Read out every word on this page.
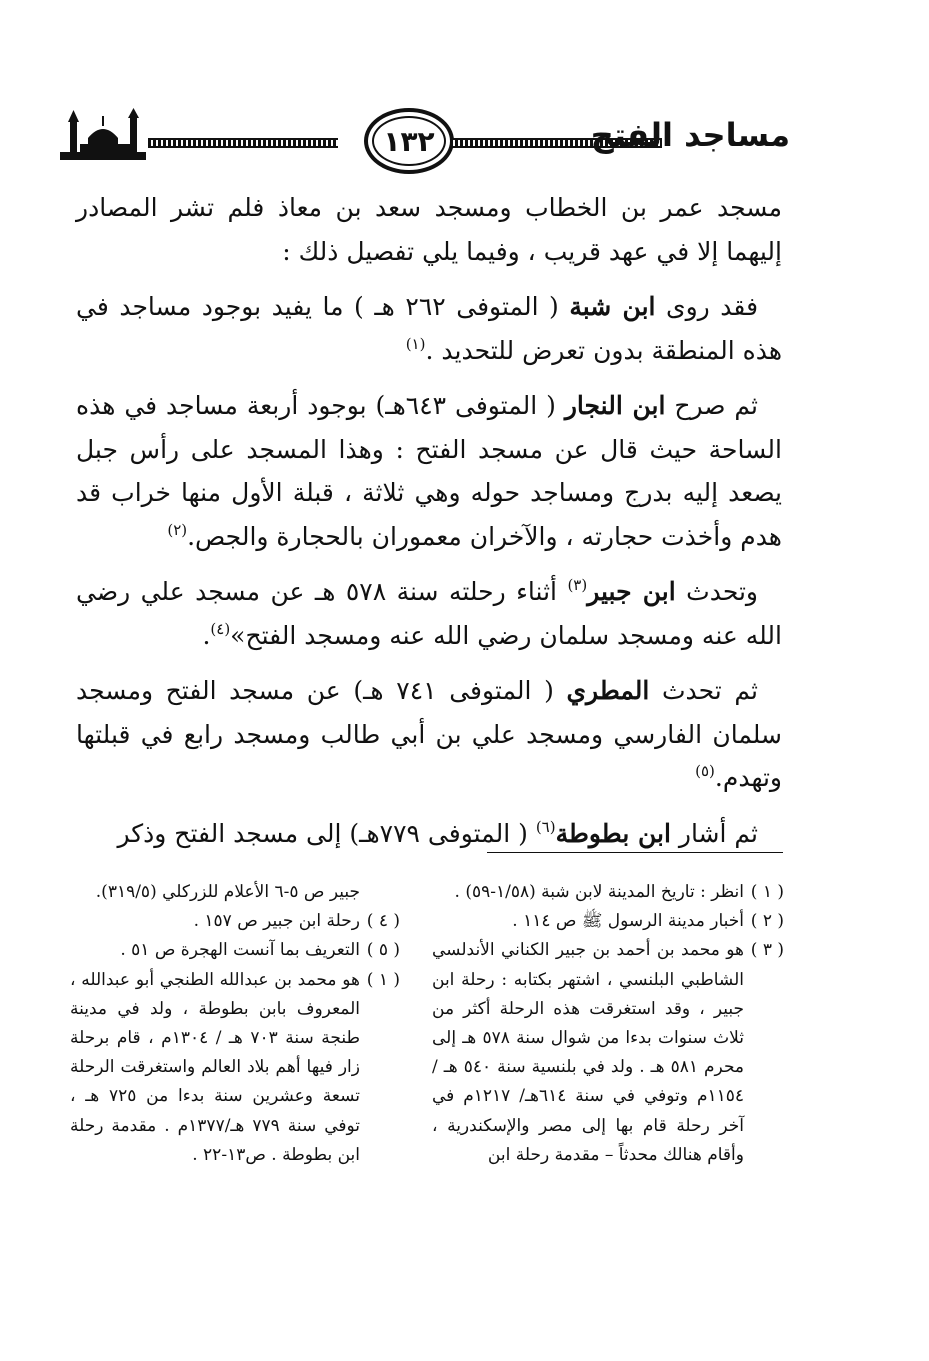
١٣٢	مساجد الفتح

مسجد عمر بن الخطاب ومسجد سعد بن معاذ فلم تشر المصادر إليهما إلا في عهد قريب ، وفيما يلي تفصيل ذلك :

فقد روى ابن شبة ( المتوفى ٢٦٢ هـ ) ما يفيد بوجود مساجد في هذه المنطقة بدون تعرض للتحديد .$^{(١)}$

ثم صرح ابن النجار ( المتوفى ٦٤٣هـ) بوجود أربعة مساجد في هذه الساحة حيث قال عن مسجد الفتح : وهذا المسجد على رأس جبل يصعد إليه بدرج ومساجد حوله وهي ثلاثة ، قبلة الأول منها خراب قد هدم وأخذت حجارته ، والآخران معموران بالحجارة والجص.$^{(٢)}$

وتحدث ابن جبير$^{(٣)}$ أثناء رحلته سنة ٥٧٨ هـ عن مسجد علي رضي الله عنه ومسجد سلمان رضي الله عنه ومسجد الفتح»$^{(٤)}$.

ثم تحدث المطري ( المتوفى ٧٤١ هـ) عن مسجد الفتح ومسجد سلمان الفارسي ومسجد علي بن أبي طالب ومسجد رابع في قبلتها وتهدم.$^{(٥)}$

ثم أشار ابن بطوطة$^{(٦)}$ ( المتوفى ٧٧٩هـ) إلى مسجد الفتح وذكر

( ١ )
انظر : تاريخ المدينة لابن شبة (١/٥٨-٥٩) .
( ٢ )
أخبار مدينة الرسول ﷺ ص ١١٤ .
( ٣ )
هو محمد بن أحمد بن جبير الكناني الأندلسي الشاطبي البلنسي ، اشتهر بكتابه : رحلة ابن جبير ، وقد استغرقت هذه الرحلة أكثر من ثلاث سنوات بدءا من شوال سنة ٥٧٨ هـ إلى محرم ٥٨١ هـ . ولد في بلنسية سنة ٥٤٠ هـ / ١١٥٤م وتوفي في سنة ٦١٤هـ/ ١٢١٧م في آخر رحلة قام بها إلى مصر والإسكندرية ، وأقام هنالك محدثاً – مقدمة رحلة ابن
جبير ص ٥-٦ الأعلام للزركلي (٣١٩/٥).
( ٤ )
رحلة ابن جبير ص ١٥٧ .
( ٥ )
التعريف بما آنست الهجرة ص ٥١ .
( ١ )
هو محمد بن عبدالله الطنجي أبو عبدالله ، المعروف بابن بطوطة ، ولد في مدينة طنجة سنة ٧٠٣ هـ / ١٣٠٤م ، قام برحلة زار فيها أهم بلاد العالم واستغرقت الرحلة تسعة وعشرين سنة بدءا من ٧٢٥ هـ ، توفي سنة ٧٧٩ هـ/١٣٧٧م . مقدمة رحلة ابن بطوطة . ص١٣-٢٢ .
